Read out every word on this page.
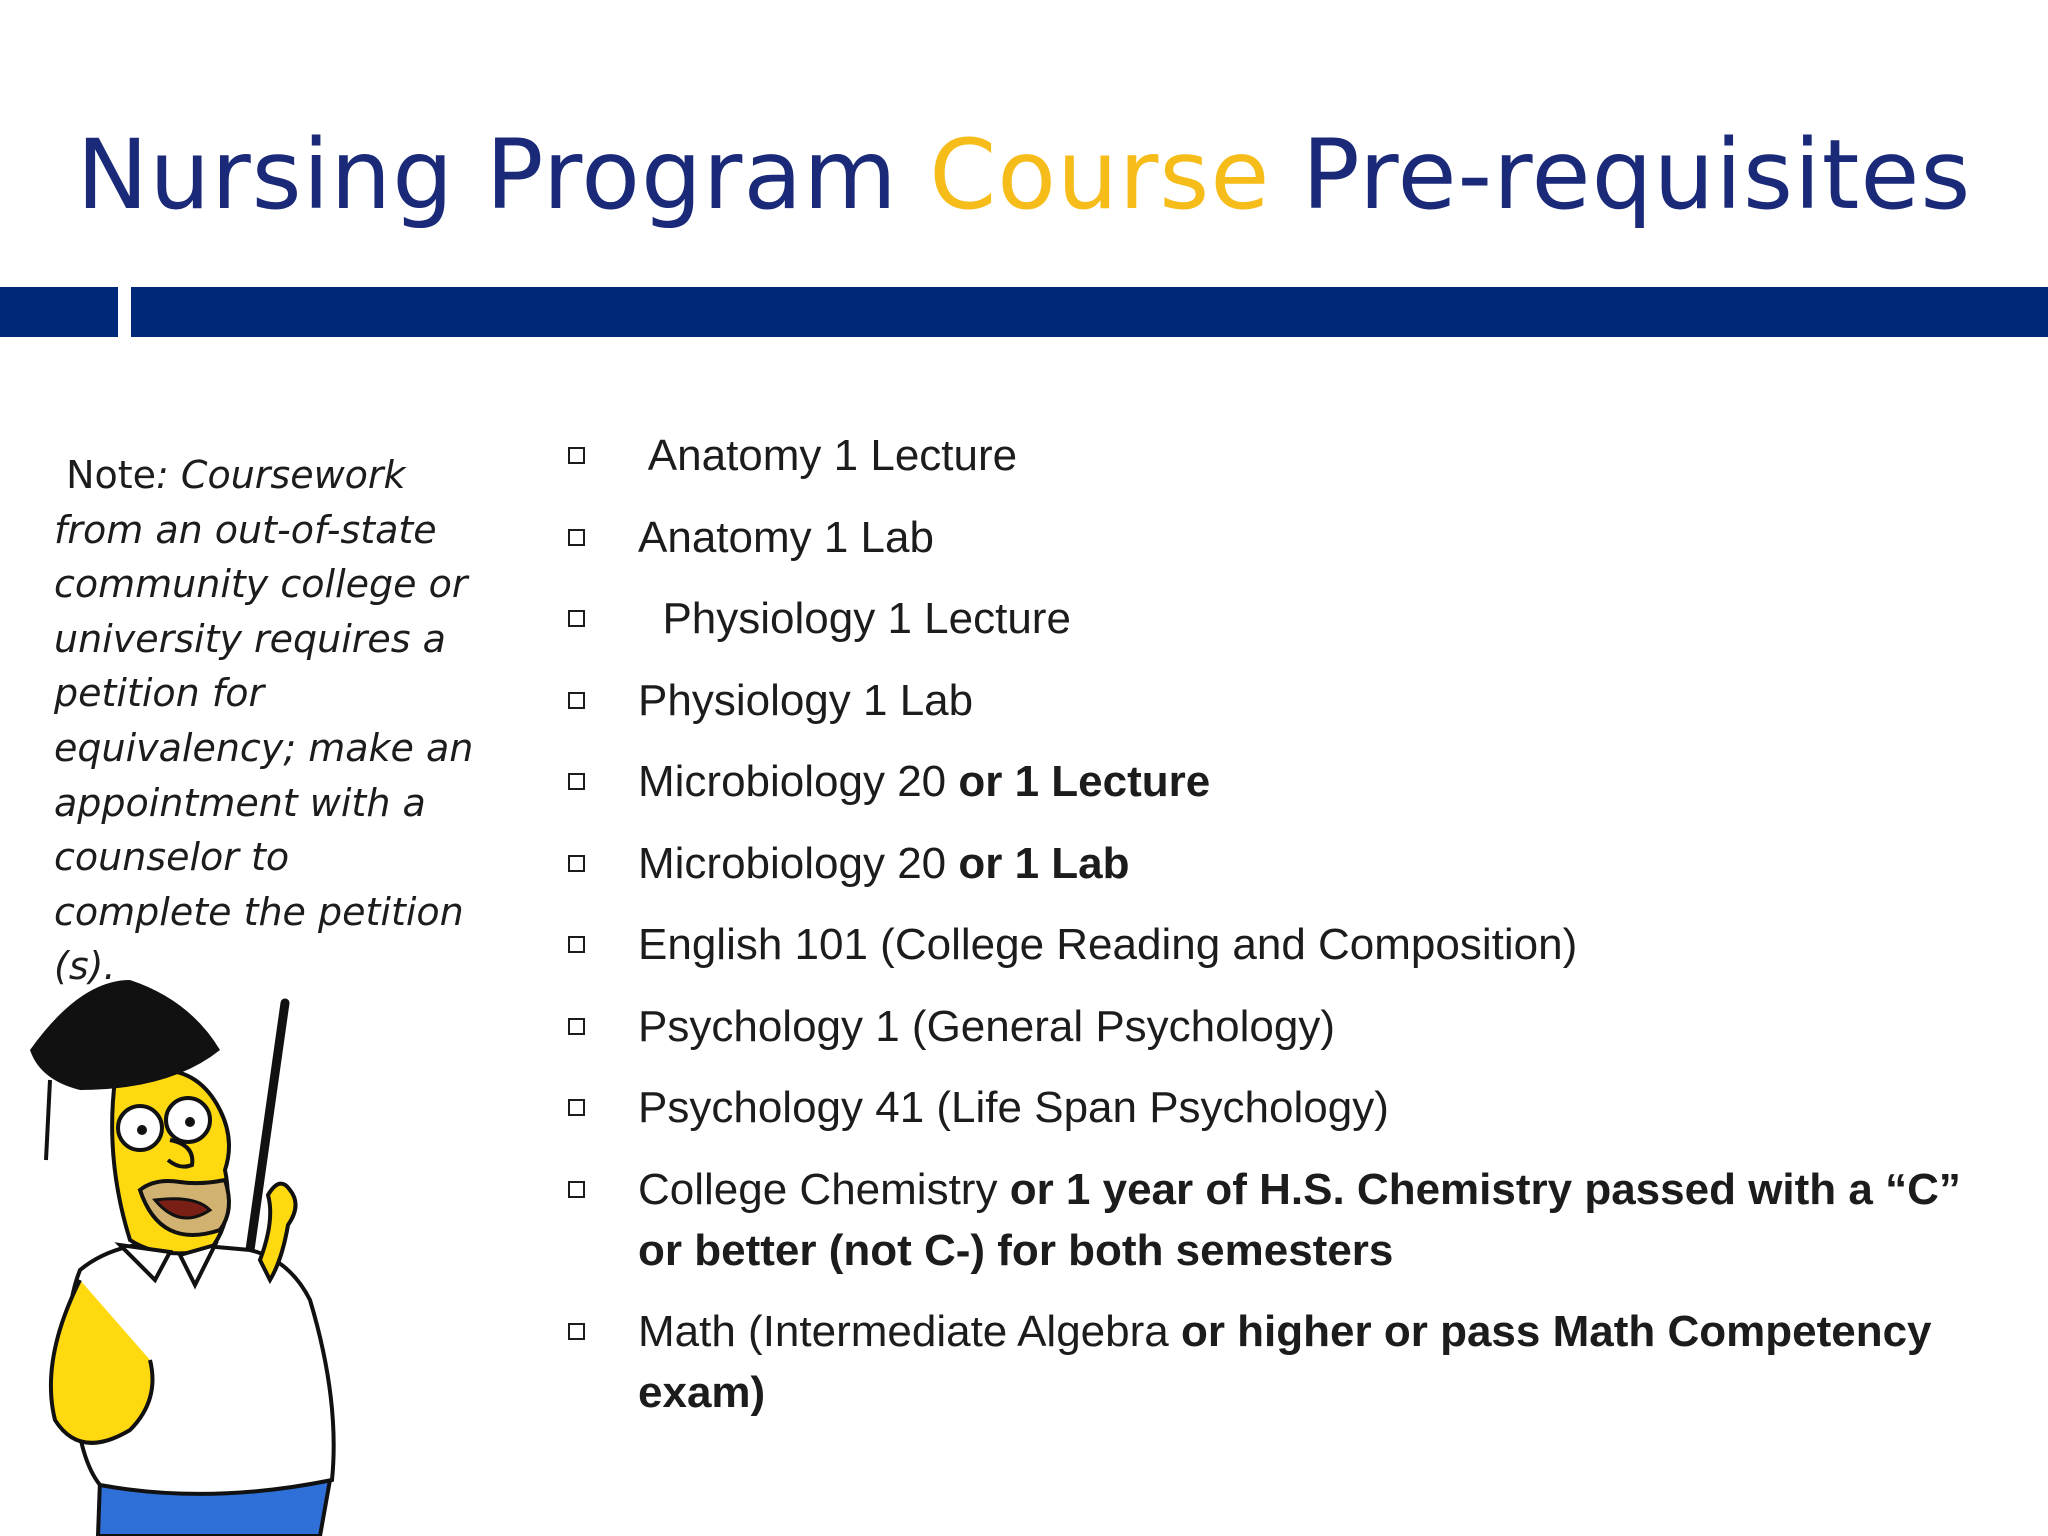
Nursing Program Course Pre-requisites

Note: Coursework from an out-of-state community college or university requires a petition for equivalency; make an appointment with a counselor to complete the petition (s).

Anatomy 1 Lecture
Anatomy 1 Lab
Physiology 1 Lecture
Physiology 1 Lab
Microbiology 20 or 1 Lecture
Microbiology 20 or 1 Lab
English 101 (College Reading and Composition)
Psychology 1 (General Psychology)
Psychology 41 (Life Span Psychology)
College Chemistry or 1 year of H.S. Chemistry passed with a “C” or better (not C-) for both semesters
Math (Intermediate Algebra or higher or pass Math Competency exam)
